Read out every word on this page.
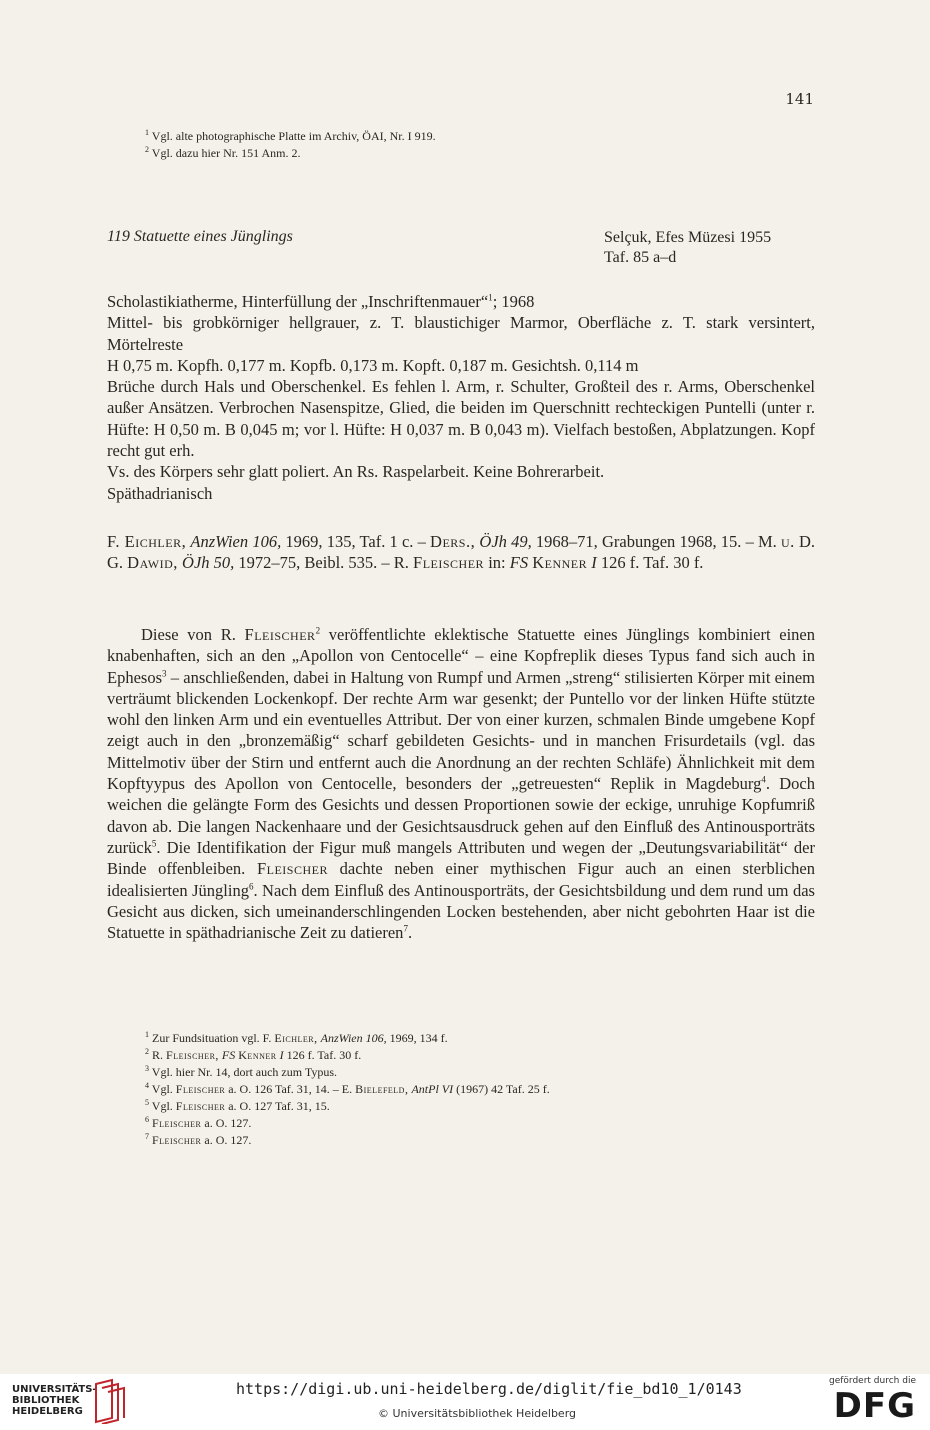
141
$^1$ Vgl. alte photographische Platte im Archiv, ÖAI, Nr. I 919.
$^2$ Vgl. dazu hier Nr. 151 Anm. 2.
119 Statuette eines Jünglings	Selçuk, Efes Müzesi 1955
Taf. 85 a–d

Scholastikiatherme, Hinterfüllung der „Inschriftenmauer“$^1$; 1968

Mittel- bis grobkörniger hellgrauer, z. T. blaustichiger Marmor, Oberfläche z. T. stark versintert, Mörtelreste

H 0,75 m. Kopfh. 0,177 m. Kopfb. 0,173 m. Kopft. 0,187 m. Gesichtsh. 0,114 m

Brüche durch Hals und Oberschenkel. Es fehlen l. Arm, r. Schulter, Großteil des r. Arms, Oberschenkel außer Ansätzen. Verbrochen Nasenspitze, Glied, die beiden im Querschnitt rechteckigen Puntelli (unter r. Hüfte: H 0,50 m. B 0,045 m; vor l. Hüfte: H 0,037 m. B 0,043 m). Vielfach bestoßen, Abplatzungen. Kopf recht gut erh.

Vs. des Körpers sehr glatt poliert. An Rs. Raspelarbeit. Keine Bohrerarbeit.

Späthadrianisch

F. Eichler, AnzWien 106, 1969, 135, Taf. 1 c. – Ders., ÖJh 49, 1968–71, Grabungen 1968, 15. – M. u. D. G. Dawid, ÖJh 50, 1972–75, Beibl. 535. – R. Fleischer in: FS Kenner I 126 f. Taf. 30 f.
Diese von R. Fleischer$^2$ veröffentlichte eklektische Statuette eines Jünglings kombiniert einen knabenhaften, sich an den „Apollon von Centocelle“ – eine Kopfreplik dieses Typus fand sich auch in Ephesos$^3$ – anschließenden, dabei in Haltung von Rumpf und Armen „streng“ stilisierten Körper mit einem verträumt blickenden Lockenkopf. Der rechte Arm war gesenkt; der Puntello vor der linken Hüfte stützte wohl den linken Arm und ein eventuelles Attribut. Der von einer kurzen, schmalen Binde umgebene Kopf zeigt auch in den „bronzemäßig“ scharf gebildeten Gesichts- und in manchen Frisurdetails (vgl. das Mittelmotiv über der Stirn und entfernt auch die Anordnung an der rechten Schläfe) Ähnlichkeit mit dem Kopftyypus des Apollon von Centocelle, besonders der „getreuesten“ Replik in Magdeburg$^4$. Doch weichen die gelängte Form des Gesichts und dessen Proportionen sowie der eckige, unruhige Kopfumriß davon ab. Die langen Nackenhaare und der Gesichtsausdruck gehen auf den Einfluß des Antinousporträts zurück$^5$. Die Identifikation der Figur muß mangels Attributen und wegen der „Deutungsvariabilität“ der Binde offenbleiben. Fleischer dachte neben einer mythischen Figur auch an einen sterblichen idealisierten Jüngling$^6$. Nach dem Einfluß des Antinousporträts, der Gesichtsbildung und dem rund um das Gesicht aus dicken, sich umeinanderschlingenden Locken bestehenden, aber nicht gebohrten Haar ist die Statuette in späthadrianische Zeit zu datieren$^7$.
$^1$ Zur Fundsituation vgl. F. Eichler, AnzWien 106, 1969, 134 f.
$^2$ R. Fleischer, FS Kenner I 126 f. Taf. 30 f.
$^3$ Vgl. hier Nr. 14, dort auch zum Typus.
$^4$ Vgl. Fleischer a. O. 126 Taf. 31, 14. – E. Bielefeld, AntPl VI (1967) 42 Taf. 25 f.
$^5$ Vgl. Fleischer a. O. 127 Taf. 31, 15.
$^6$ Fleischer a. O. 127.
$^7$ Fleischer a. O. 127.
UNIVERSITÄTS-
BIBLIOTHEK
HEIDELBERG
https://digi.ub.uni-heidelberg.de/diglit/fie_bd10_1/0143
© Universitätsbibliothek Heidelberg
gefördert durch die
DFG
